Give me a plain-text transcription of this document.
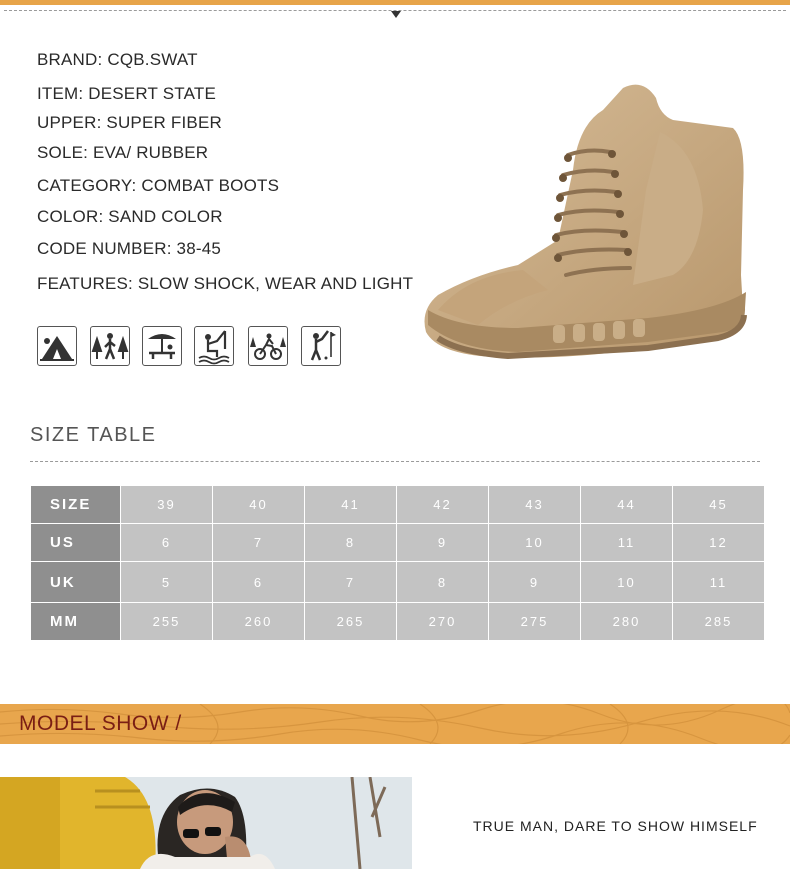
BRAND: CQB.SWAT
ITEM: DESERT STATE
UPPER: SUPER FIBER
SOLE: EVA/ RUBBER
CATEGORY: COMBAT BOOTS
COLOR: SAND COLOR
CODE NUMBER: 38-45
FEATURES: SLOW SHOCK, WEAR AND LIGHT
SIZE TABLE
SIZE	39	40	41	42	43	44	45
US	6	7	8	9	10	11	12
UK	5	6	7	8	9	10	11
MM	255	260	265	270	275	280	285
MODEL SHOW /
TRUE MAN, DARE TO SHOW HIMSELF
